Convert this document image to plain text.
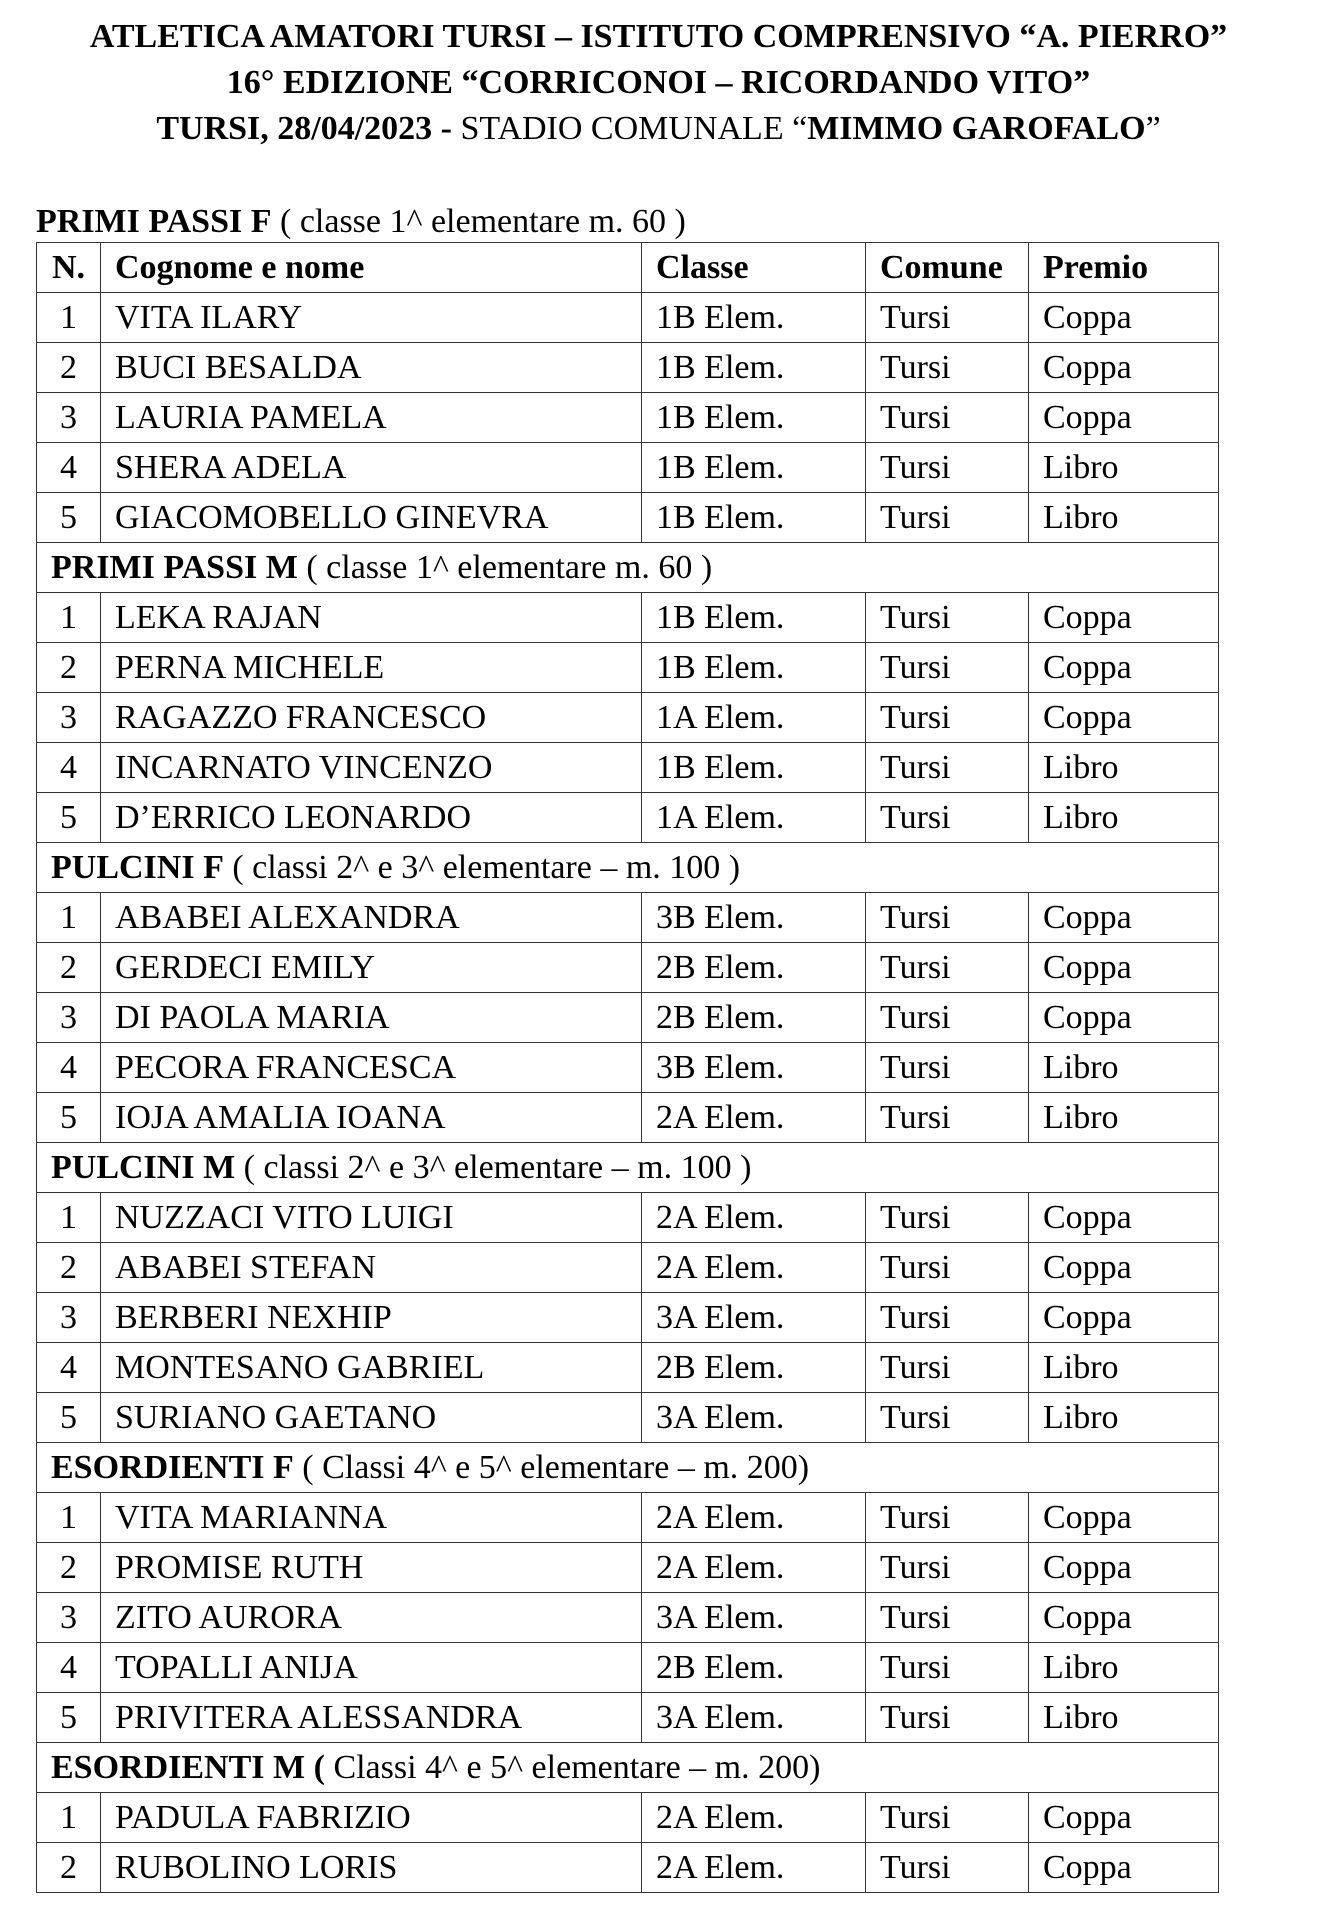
ATLETICA AMATORI TURSI – ISTITUTO COMPRENSIVO “A. PIERRO”
16° EDIZIONE “CORRICONOI – RICORDANDO VITO”
TURSI, 28/04/2023 - STADIO COMUNALE “MIMMO GAROFALO”
PRIMI PASSI F ( classe 1^ elementare m. 60 )
N.	Cognome e nome	Classe	Comune	Premio
1	VITA ILARY	1B Elem.	Tursi	Coppa
2	BUCI BESALDA	1B Elem.	Tursi	Coppa
3	LAURIA PAMELA	1B Elem.	Tursi	Coppa
4	SHERA ADELA	1B Elem.	Tursi	Libro
5	GIACOMOBELLO GINEVRA	1B Elem.	Tursi	Libro
PRIMI PASSI M ( classe 1^ elementare m. 60 )				
1	LEKA RAJAN	1B Elem.	Tursi	Coppa
2	PERNA MICHELE	1B Elem.	Tursi	Coppa
3	RAGAZZO FRANCESCO	1A Elem.	Tursi	Coppa
4	INCARNATO VINCENZO	1B Elem.	Tursi	Libro
5	D’ERRICO LEONARDO	1A Elem.	Tursi	Libro
PULCINI F ( classi 2^ e 3^ elementare – m. 100 )				
1	ABABEI ALEXANDRA	3B Elem.	Tursi	Coppa
2	GERDECI EMILY	2B Elem.	Tursi	Coppa
3	DI PAOLA MARIA	2B Elem.	Tursi	Coppa
4	PECORA FRANCESCA	3B Elem.	Tursi	Libro
5	IOJA AMALIA IOANA	2A Elem.	Tursi	Libro
PULCINI M ( classi 2^ e 3^ elementare – m. 100 )				
1	NUZZACI VITO LUIGI	2A Elem.	Tursi	Coppa
2	ABABEI STEFAN	2A Elem.	Tursi	Coppa
3	BERBERI NEXHIP	3A Elem.	Tursi	Coppa
4	MONTESANO GABRIEL	2B Elem.	Tursi	Libro
5	SURIANO GAETANO	3A Elem.	Tursi	Libro
ESORDIENTI F ( Classi 4^ e 5^ elementare – m. 200)				
1	VITA MARIANNA	2A Elem.	Tursi	Coppa
2	PROMISE RUTH	2A Elem.	Tursi	Coppa
3	ZITO AURORA	3A Elem.	Tursi	Coppa
4	TOPALLI ANIJA	2B Elem.	Tursi	Libro
5	PRIVITERA ALESSANDRA	3A Elem.	Tursi	Libro
ESORDIENTI M ( Classi 4^ e 5^ elementare – m. 200)				
1	PADULA FABRIZIO	2A Elem.	Tursi	Coppa
2	RUBOLINO LORIS	2A Elem.	Tursi	Coppa
